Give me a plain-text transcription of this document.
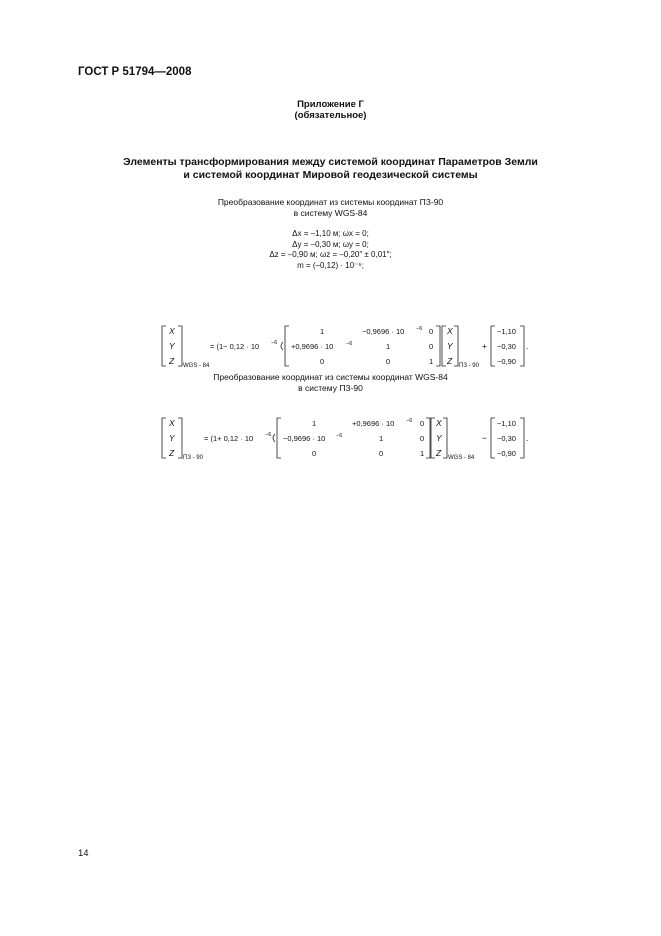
ГОСТ Р 51794—2008
Приложение Г
(обязательное)
Элементы трансформирования между системой координат Параметров Земли
и системой координат Мировой геодезической системы
Преобразование координат из системы координат ПЗ-90
в систему WGS-84
Δx = –1,10 м; ωx = 0;
Δy = –0,30 м; ωy = 0;
Δz = –0,90 м; ωz = –0,20″ ± 0,01″;
m = (–0,12) · 10⁻⁶;
X
Y
Z WGS - 84
= (1− 0,12 · 10 −6
1	−0,9696 · 10 −6 0
+0,9696 · 10 −6	1	0
0	0	1
X
Y
Z ПЗ - 90
+
−1,10
−0,30
−0,90
.
Преобразование координат из системы координат WGS-84
в систему ПЗ-90
X
Y
Z ПЗ - 90
= (1+ 0,12 · 10 −6
1	+0,9696 · 10 −6 0
−0,9696 · 10 −6	1	0
0	0	1
X
Y
Z WGS - 84
−
−1,10
−0,30
−0,90
.
14
